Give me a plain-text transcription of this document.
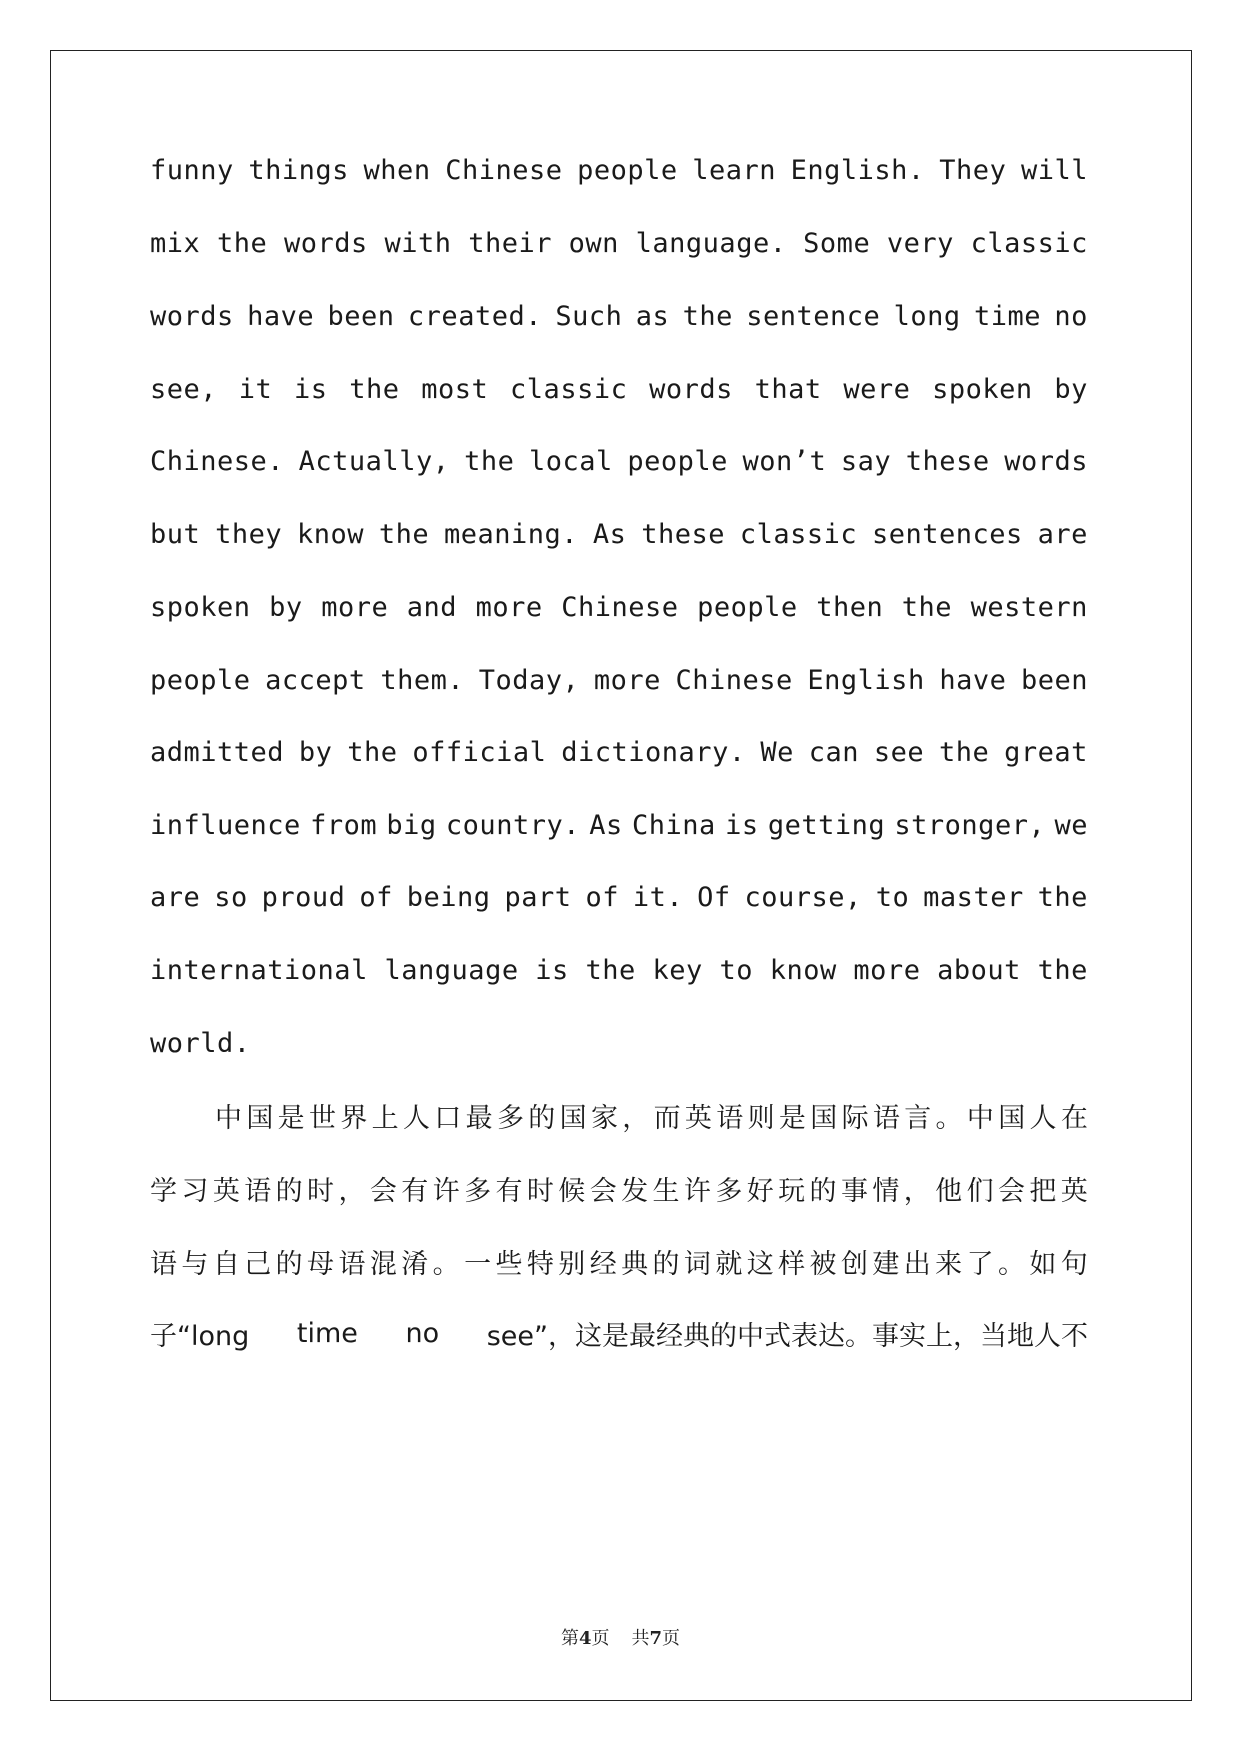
funny things when Chinese people learn English. They will
mix the words with their own language. Some very classic
words have been created. Such as the sentence long time no
see, it is the most classic words that were spoken by
Chinese. Actually, the local people won’t say these words
but they know the meaning. As these classic sentences are
spoken by more and more Chinese people then the western
people accept them. Today, more Chinese English have been
admitted by the official dictionary. We can see the great
influence from big country. As China is getting stronger, we
are so proud of being part of it. Of course, to master the
international language is the key to know more about the
world.
中 国 是 世 界 上 人 口 最 多 的 国 家 ， 而 英 语 则 是 国 际 语 言 。 中 国 人 在
学 习 英 语 的 时 ， 会 有 许 多 有 时 候 会 发 生 许 多 好 玩 的 事 情 ， 他 们 会 把 英
语 与 自 己 的 母 语 混 淆 。 一 些 特 别 经 典 的 词 就 这 样 被 创 建 出 来 了 。 如 句
子“long time no see”，这是最经典的中式表达。事实上，当地人不
第4页 共7页
